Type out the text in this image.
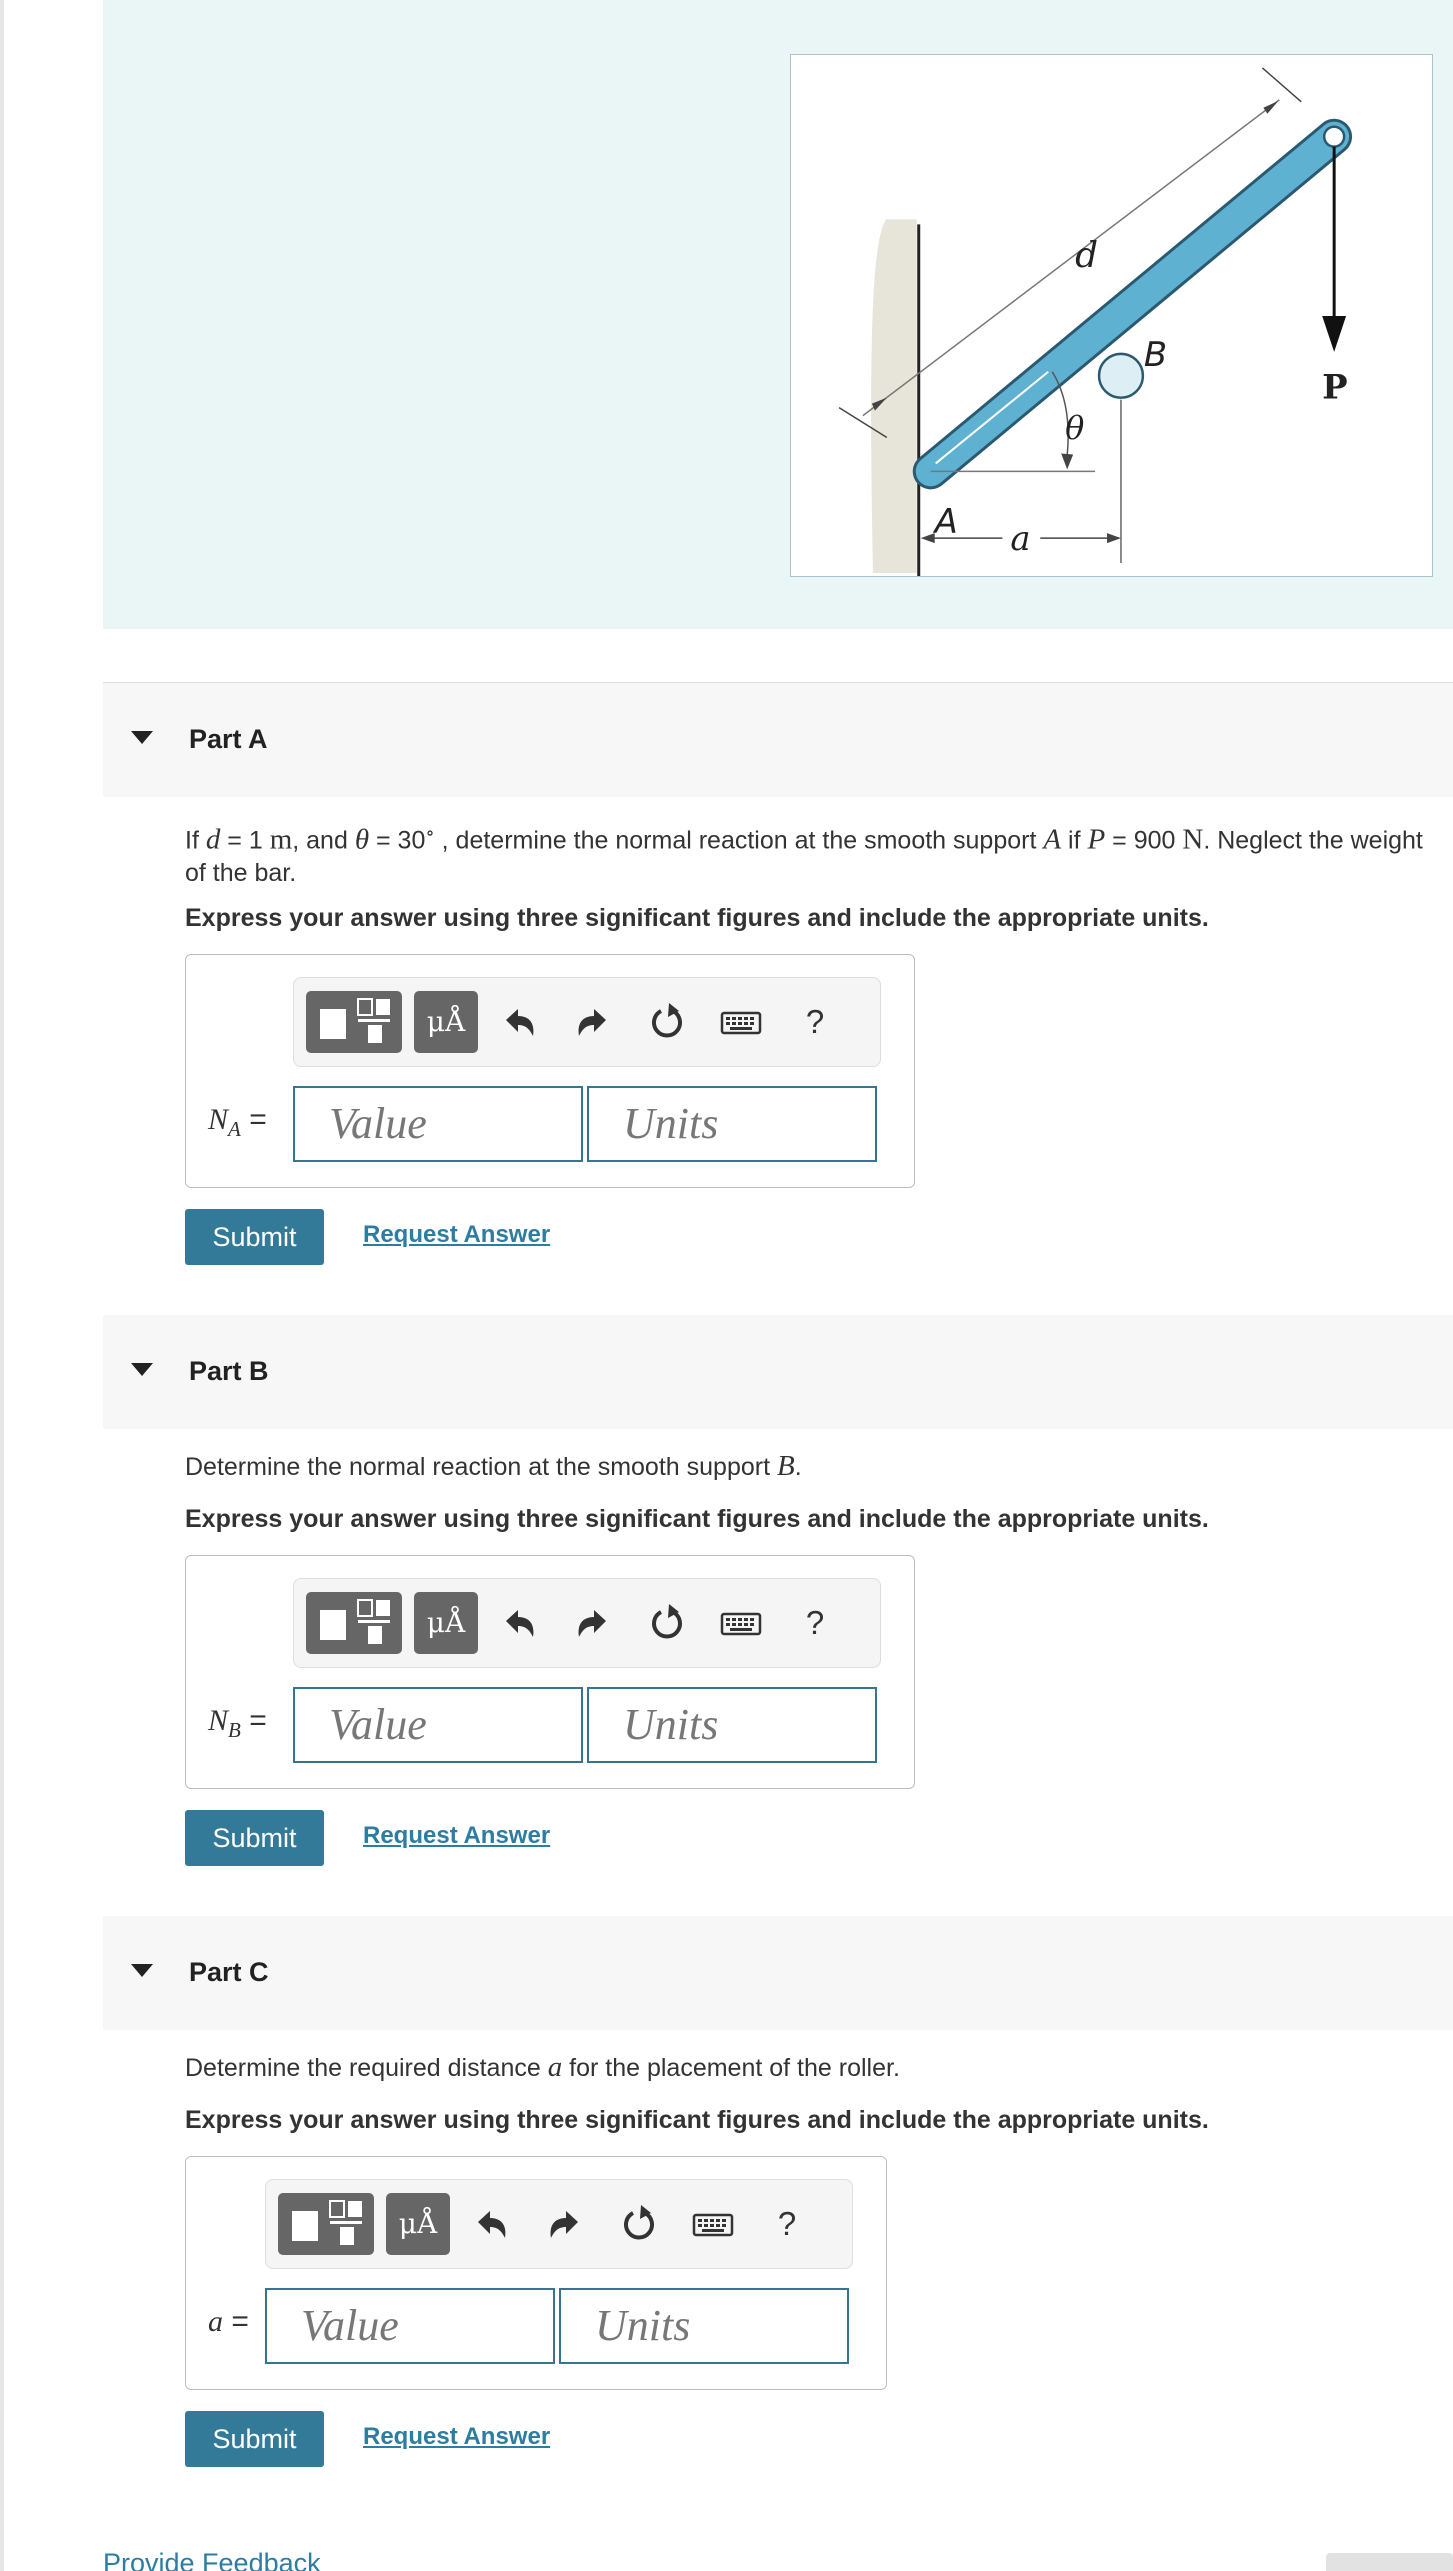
d
B
θ
P
A a
Part A
If d = 1 m, and θ = 30∘ , determine the normal reaction at the smooth support A if P = 900 N. Neglect the weight of the bar.
Express your answer using three significant figures and include the appropriate units.
μÅ	?
$N_A$ =	Value	Units
Submit	Request Answer
Part B
Determine the normal reaction at the smooth support B.
Express your answer using three significant figures and include the appropriate units.
μÅ	?
$N_B$ =	Value	Units
Submit	Request Answer
Part C
Determine the required distance a for the placement of the roller.
Express your answer using three significant figures and include the appropriate units.
μÅ	?
a =	Value	Units
Submit	Request Answer
Provide Feedback
